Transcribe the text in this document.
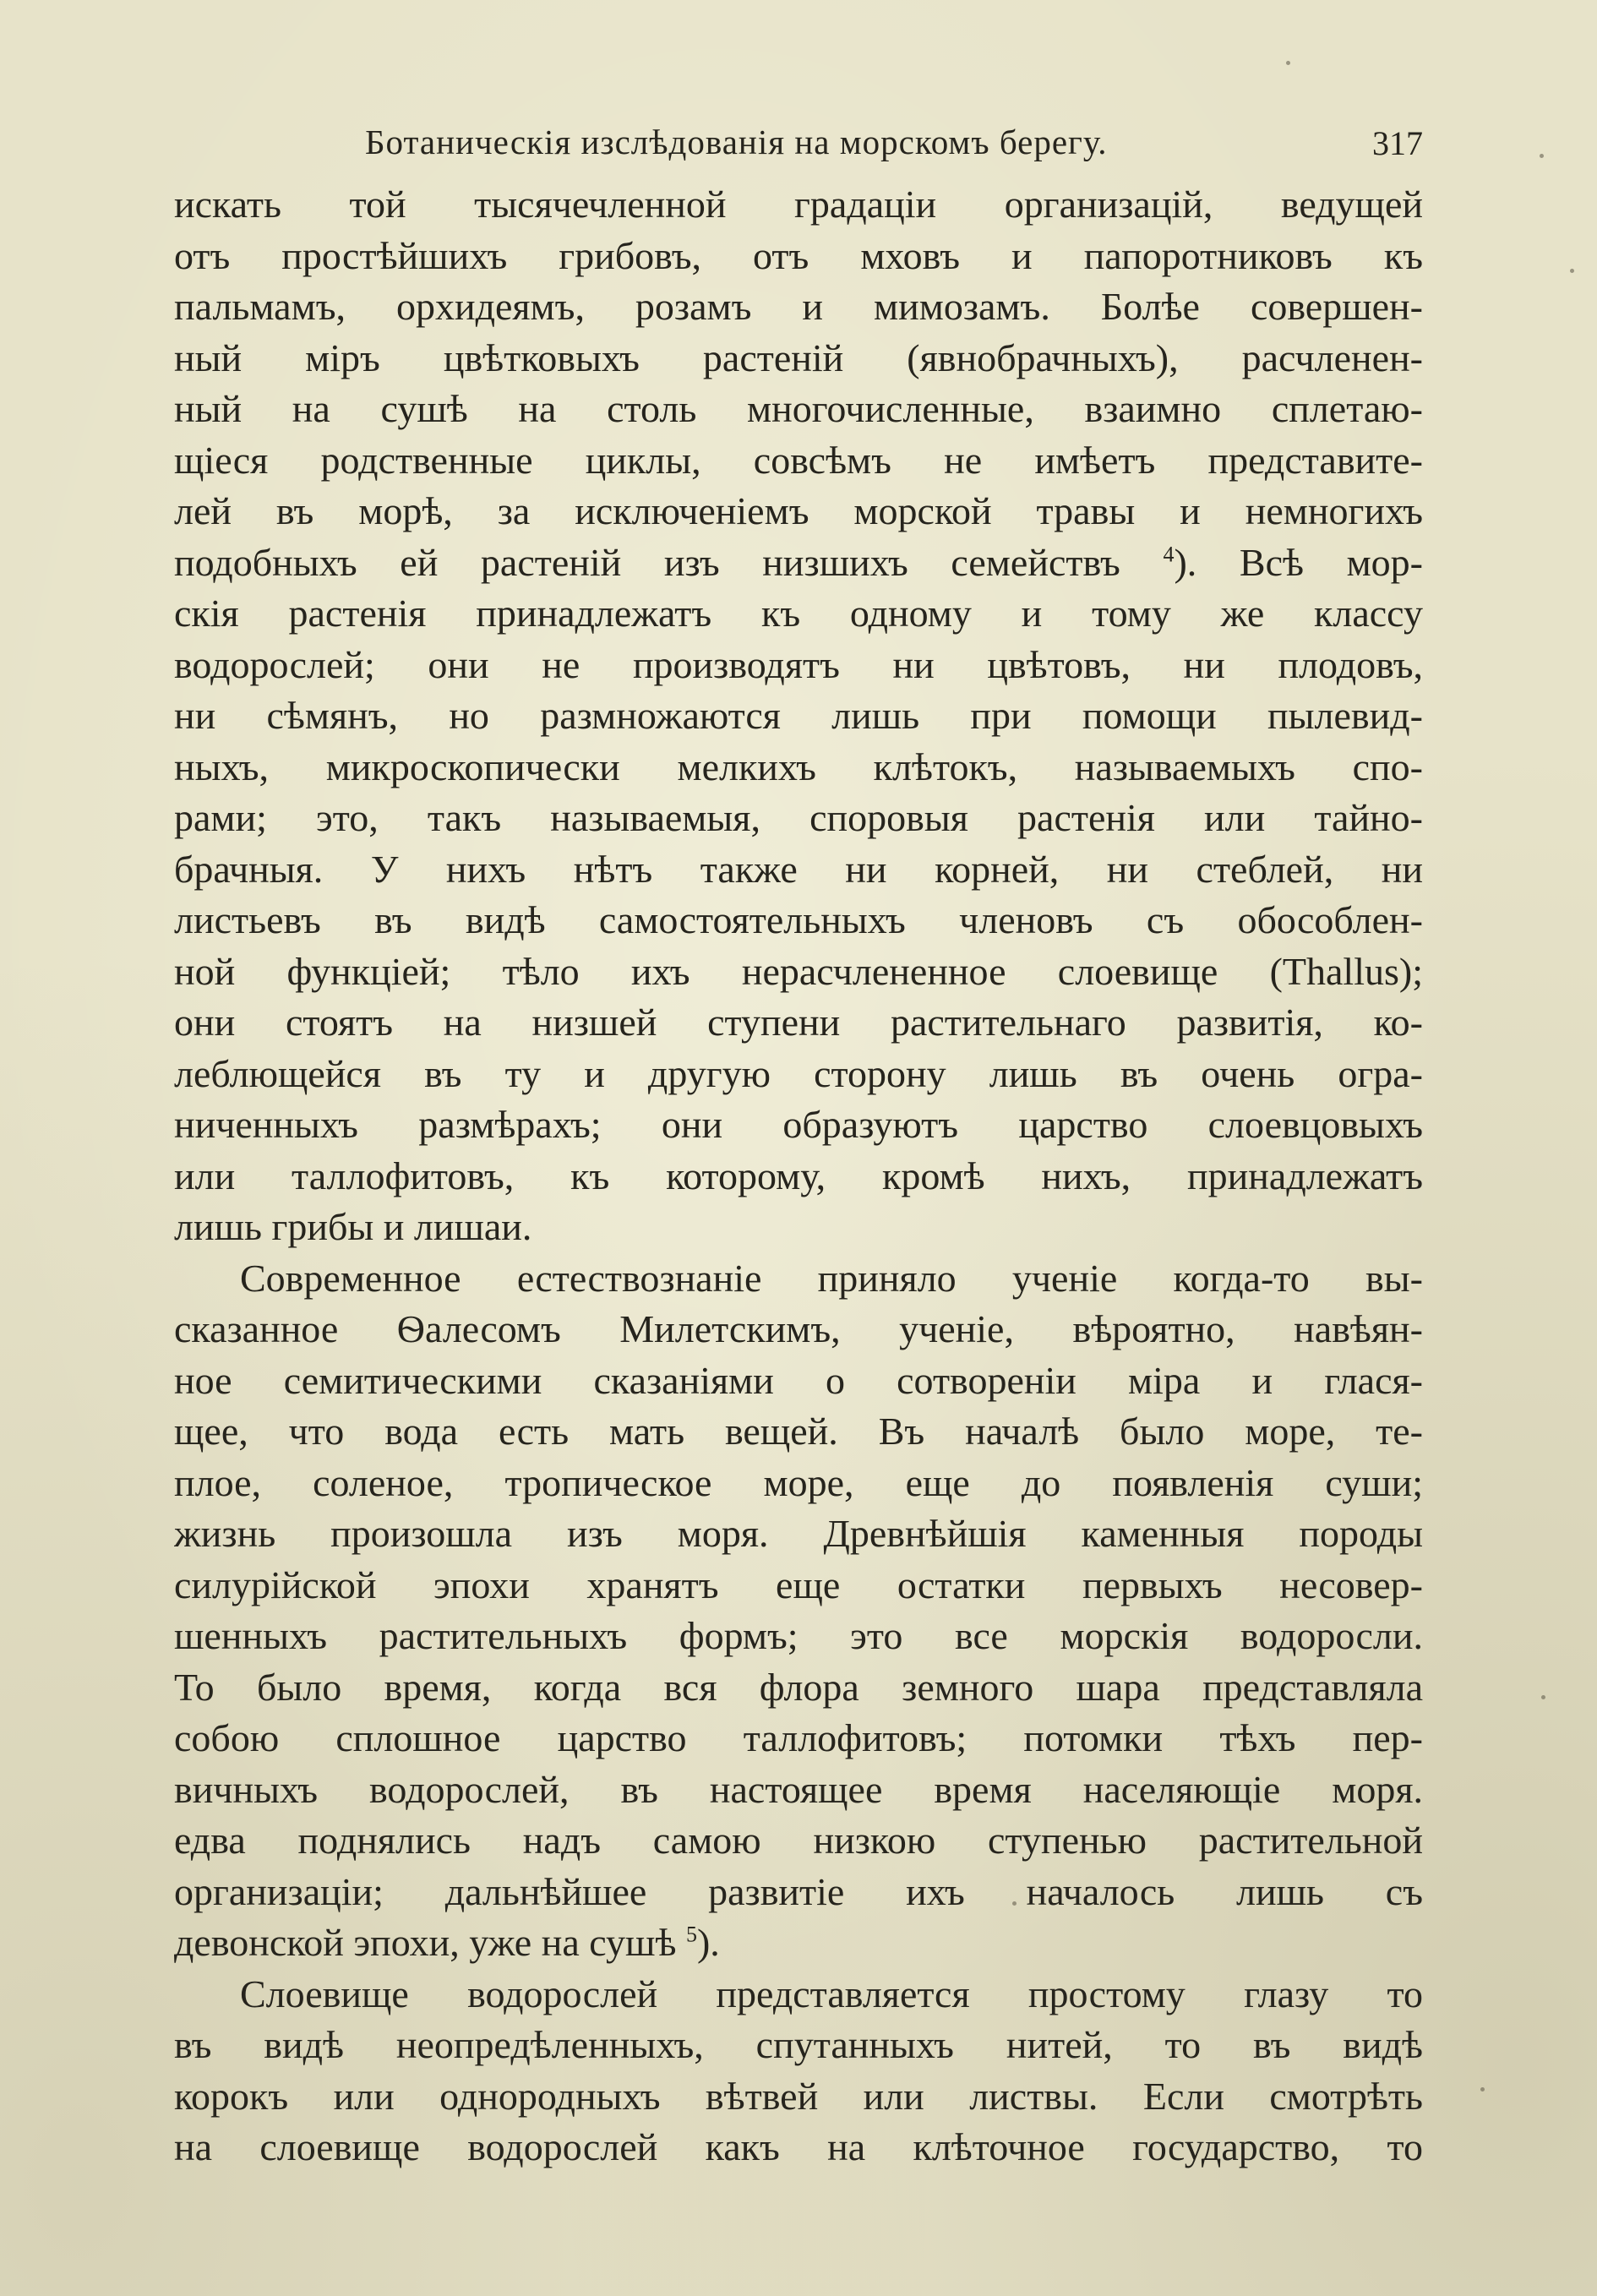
Ботаническія изслѣдованія на морскомъ берегу.	317

искать той тысячечленной градаціи организацій, ведущей
отъ простѣйшихъ грибовъ, отъ мховъ и папоротниковъ къ
пальмамъ, орхидеямъ, розамъ и мимозамъ. Болѣе совершен-
ный міръ цвѣтковыхъ растеній (явнобрачныхъ), расчленен-
ный на сушѣ на столь многочисленные, взаимно сплетаю-
щіеся родственные циклы, совсѣмъ не имѣетъ представите-
лей въ морѣ, за исключеніемъ морской травы и немногихъ
подобныхъ ей растеній изъ низшихъ семействъ $^4$). Всѣ мор-
скія растенія принадлежатъ къ одному и тому же классу
водорослей; они не производятъ ни цвѣтовъ, ни плодовъ,
ни сѣмянъ, но размножаются лишь при помощи пылевид-
ныхъ, микроскопически мелкихъ клѣтокъ, называемыхъ спо-
рами; это, такъ называемыя, споровыя растенія или тайно-
брачныя. У нихъ нѣтъ также ни корней, ни стеблей, ни
листьевъ въ видѣ самостоятельныхъ членовъ съ обособлен-
ной функціей; тѣло ихъ нерасчлененное слоевище (Thallus);
они стоятъ на низшей ступени растительнаго развитія, ко-
леблющейся въ ту и другую сторону лишь въ очень огра-
ниченныхъ размѣрахъ; они образуютъ царство слоевцовыхъ
или таллофитовъ, къ которому, кромѣ нихъ, принадлежатъ
лишь грибы и лишаи.

Современное естествознаніе приняло ученіе когда-то вы-
сказанное Ѳалесомъ Милетскимъ, ученіе, вѣроятно, навѣян-
ное семитическими сказаніями о сотвореніи міра и глася-
щее, что вода есть мать вещей. Въ началѣ было море, те-
плое, соленое, тропическое море, еще до появленія суши;
жизнь произошла изъ моря. Древнѣйшія каменныя породы
силурійской эпохи хранятъ еще остатки первыхъ несовер-
шенныхъ растительныхъ формъ; это все морскія водоросли.
То было время, когда вся флора земного шара представляла
собою сплошное царство таллофитовъ; потомки тѣхъ пер-
вичныхъ водорослей, въ настоящее время населяющіе моря.
едва поднялись надъ самою низкою ступенью растительной
организаціи; дальнѣйшее развитіе ихъ началось лишь съ
девонской эпохи, уже на сушѣ $^5$).

Слоевище водорослей представляется простому глазу то
въ видѣ неопредѣленныхъ, спутанныхъ нитей, то въ видѣ
корокъ или однородныхъ вѣтвей или листвы. Если смотрѣть
на слоевище водорослей какъ на клѣточное государство, то
